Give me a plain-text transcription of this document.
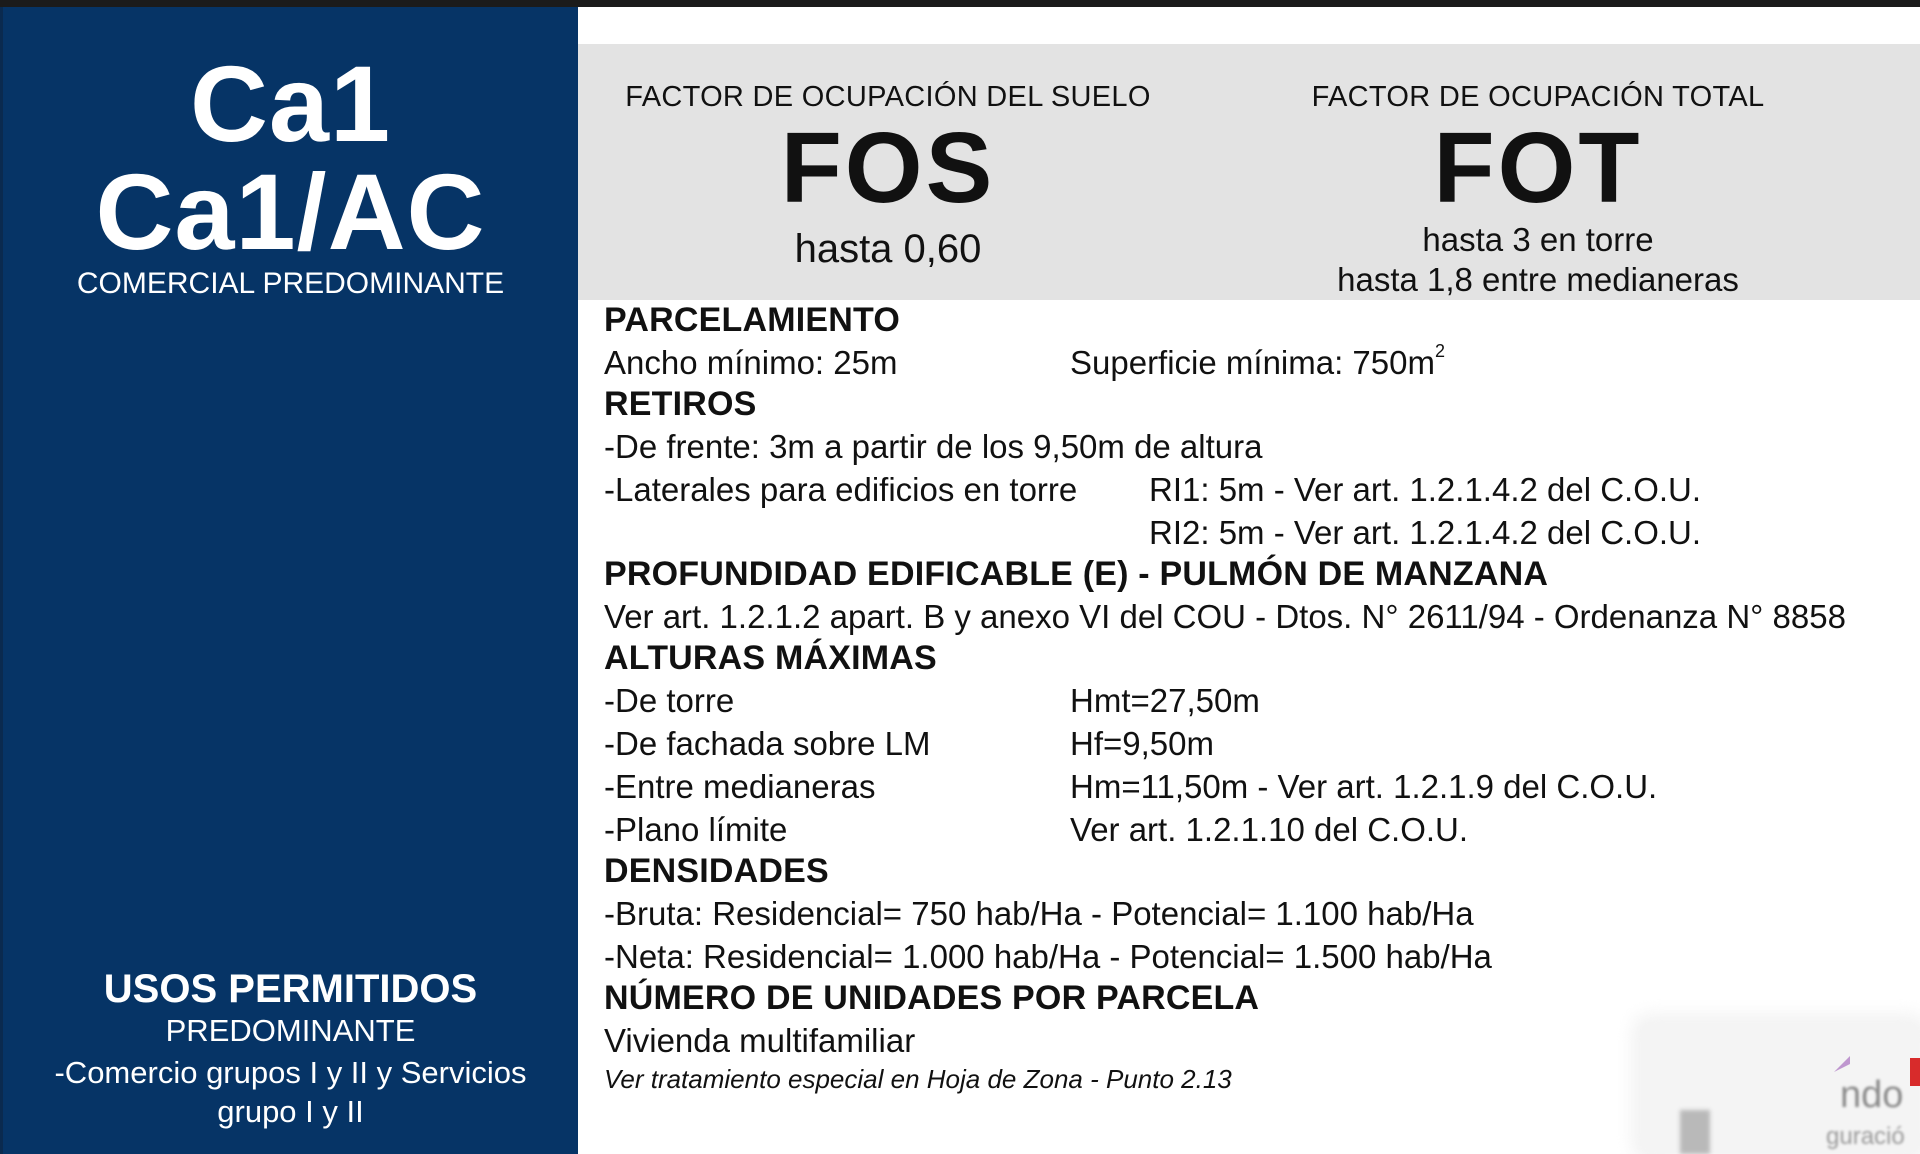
Ca1
Ca1/AC
COMERCIAL PREDOMINANTE
USOS PERMITIDOS
PREDOMINANTE
-Comercio grupos I y II y Servicios grupo I y II
FACTOR DE OCUPACIÓN DEL SUELO
FOS
hasta 0,60
FACTOR DE OCUPACIÓN TOTAL
FOT
hasta 3 en torre
hasta 1,8 entre medianeras
PARCELAMIENTO
Ancho mínimo: 25m	Superficie mínima: $750m^2$
RETIROS
-De frente: 3m a partir de los 9,50m de altura
-Laterales para edificios en torre	RI1: 5m - Ver art. 1.2.1.4.2 del C.O.U.
RI2: 5m - Ver art. 1.2.1.4.2 del C.O.U.
PROFUNDIDAD EDIFICABLE (E) - PULMÓN DE MANZANA
Ver art. 1.2.1.2 apart. B y anexo VI del COU - Dtos. N° 2611/94 - Ordenanza N° 8858
ALTURAS MÁXIMAS
-De torre	Hmt=27,50m
-De fachada sobre LM	Hf=9,50m
-Entre medianeras	Hm=11,50m - Ver art. 1.2.1.9 del C.O.U.
-Plano límite	Ver art. 1.2.1.10 del C.O.U.
DENSIDADES
-Bruta: Residencial= 750 hab/Ha - Potencial= 1.100 hab/Ha
-Neta: Residencial= 1.000 hab/Ha - Potencial= 1.500 hab/Ha
NÚMERO DE UNIDADES POR PARCELA
Vivienda multifamiliar
Ver tratamiento especial en Hoja de Zona - Punto 2.13	ndo
guració
